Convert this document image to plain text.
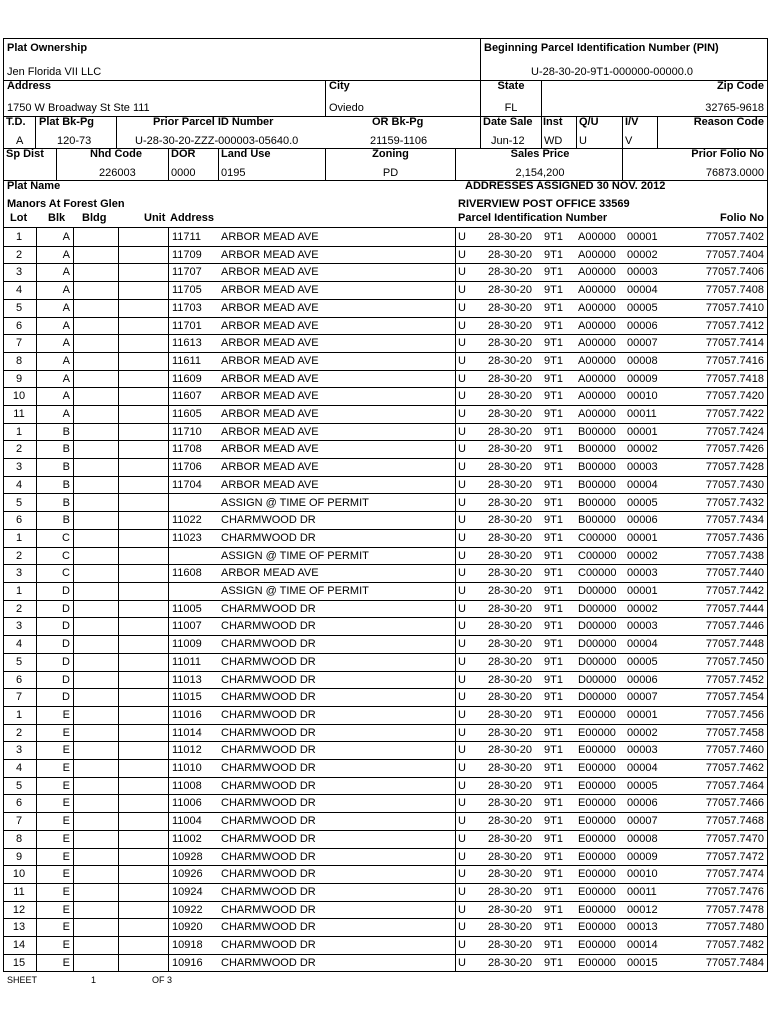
Plat Ownership
Jen Florida VII LLC
Beginning Parcel Identification Number (PIN)
U-28-30-20-9T1-000000-00000.0
Address
1750 W Broadway St Ste 111
City
Oviedo
State
FL
Zip Code
32765-9618
T.D.
A
Plat Bk-Pg
120-73
Prior Parcel ID Number
U-28-30-20-ZZZ-000003-05640.0
OR Bk-Pg
21159-1106
Date Sale
Jun-12
Inst
WD
Q/U
U
I/V
V
Reason Code
Sp Dist	Nhd Code
226003
DOR
0000
Land Use
0195
Zoning
PD
Sales Price
2,154,200
Prior Folio No
76873.0000
Plat Name	ADDRESSES ASSIGNED 30 NOV. 2012
Manors At Forest Glen	RIVERVIEW POST OFFICE 33569
Lot Blk Bldg	Unit Address	Parcel Identification Number	Folio No
1	A	11711 ARBOR MEAD AVE	U 28-30-20 9T1 A00000 00001	77057.7402
2	A	11709 ARBOR MEAD AVE	U 28-30-20 9T1 A00000 00002	77057.7404
3	A	11707 ARBOR MEAD AVE	U 28-30-20 9T1 A00000 00003	77057.7406
4	A	11705 ARBOR MEAD AVE	U 28-30-20 9T1 A00000 00004	77057.7408
5	A	11703 ARBOR MEAD AVE	U 28-30-20 9T1 A00000 00005	77057.7410
6	A	11701 ARBOR MEAD AVE	U 28-30-20 9T1 A00000 00006	77057.7412
7	A	11613 ARBOR MEAD AVE	U 28-30-20 9T1 A00000 00007	77057.7414
8	A	11611 ARBOR MEAD AVE	U 28-30-20 9T1 A00000 00008	77057.7416
9	A	11609 ARBOR MEAD AVE	U 28-30-20 9T1 A00000 00009	77057.7418
10	A	11607 ARBOR MEAD AVE	U 28-30-20 9T1 A00000 00010	77057.7420
11	A	11605 ARBOR MEAD AVE	U 28-30-20 9T1 A00000 00011	77057.7422
1	B	11710 ARBOR MEAD AVE	U 28-30-20 9T1 B00000 00001	77057.7424
2	B	11708 ARBOR MEAD AVE	U 28-30-20 9T1 B00000 00002	77057.7426
3	B	11706 ARBOR MEAD AVE	U 28-30-20 9T1 B00000 00003	77057.7428
4	B	11704 ARBOR MEAD AVE	U 28-30-20 9T1 B00000 00004	77057.7430
5	B	ASSIGN @ TIME OF PERMIT	U 28-30-20 9T1 B00000 00005	77057.7432
6	B	11022 CHARMWOOD DR	U 28-30-20 9T1 B00000 00006	77057.7434
1	C	11023 CHARMWOOD DR	U 28-30-20 9T1 C00000 00001	77057.7436
2	C	ASSIGN @ TIME OF PERMIT	U 28-30-20 9T1 C00000 00002	77057.7438
3	C	11608 ARBOR MEAD AVE	U 28-30-20 9T1 C00000 00003	77057.7440
1	D	ASSIGN @ TIME OF PERMIT	U 28-30-20 9T1 D00000 00001	77057.7442
2	D	11005 CHARMWOOD DR	U 28-30-20 9T1 D00000 00002	77057.7444
3	D	11007 CHARMWOOD DR	U 28-30-20 9T1 D00000 00003	77057.7446
4	D	11009 CHARMWOOD DR	U 28-30-20 9T1 D00000 00004	77057.7448
5	D	11011 CHARMWOOD DR	U 28-30-20 9T1 D00000 00005	77057.7450
6	D	11013 CHARMWOOD DR	U 28-30-20 9T1 D00000 00006	77057.7452
7	D	11015 CHARMWOOD DR	U 28-30-20 9T1 D00000 00007	77057.7454
1	E	11016 CHARMWOOD DR	U 28-30-20 9T1 E00000 00001	77057.7456
2	E	11014 CHARMWOOD DR	U 28-30-20 9T1 E00000 00002	77057.7458
3	E	11012 CHARMWOOD DR	U 28-30-20 9T1 E00000 00003	77057.7460
4	E	11010 CHARMWOOD DR	U 28-30-20 9T1 E00000 00004	77057.7462
5	E	11008 CHARMWOOD DR	U 28-30-20 9T1 E00000 00005	77057.7464
6	E	11006 CHARMWOOD DR	U 28-30-20 9T1 E00000 00006	77057.7466
7	E	11004 CHARMWOOD DR	U 28-30-20 9T1 E00000 00007	77057.7468
8	E	11002 CHARMWOOD DR	U 28-30-20 9T1 E00000 00008	77057.7470
9	E	10928 CHARMWOOD DR	U 28-30-20 9T1 E00000 00009	77057.7472
10	E	10926 CHARMWOOD DR	U 28-30-20 9T1 E00000 00010	77057.7474
11	E	10924 CHARMWOOD DR	U 28-30-20 9T1 E00000 00011	77057.7476
12	E	10922 CHARMWOOD DR	U 28-30-20 9T1 E00000 00012	77057.7478
13	E	10920 CHARMWOOD DR	U 28-30-20 9T1 E00000 00013	77057.7480
14	E	10918 CHARMWOOD DR	U 28-30-20 9T1 E00000 00014	77057.7482
15	E	10916 CHARMWOOD DR	U 28-30-20 9T1 E00000 00015	77057.7484
SHEET	1	OF 3
